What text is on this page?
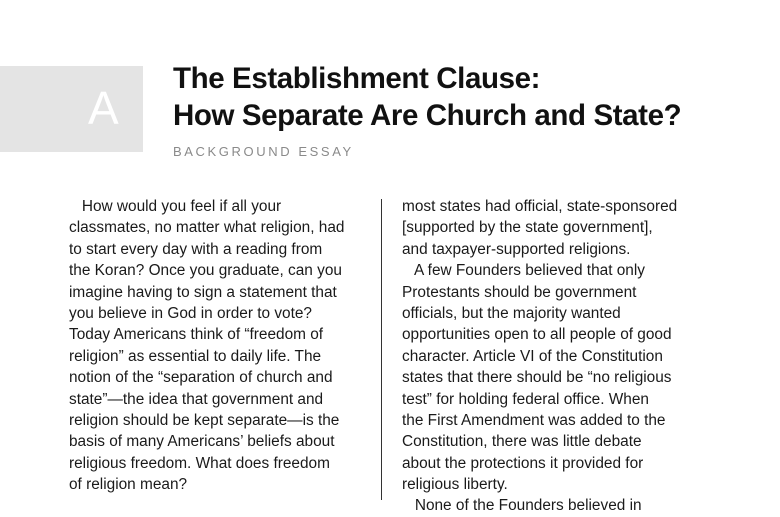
A
The Establishment Clause:
How Separate Are Church and State?
BACKGROUND ESSAY
How would you feel if all your
classmates, no matter what religion, had
to start every day with a reading from
the Koran? Once you graduate, can you
imagine having to sign a statement that
you believe in God in order to vote?
Today Americans think of “freedom of
religion” as essential to daily life. The
notion of the “separation of church and
state”—the idea that government and
religion should be kept separate—is the
basis of many Americans’ beliefs about
religious freedom. What does freedom
of religion mean?
most states had official, state-sponsored
[supported by the state government],
and taxpayer-supported religions.
A few Founders believed that only
Protestants should be government
officials, but the majority wanted
opportunities open to all people of good
character. Article VI of the Constitution
states that there should be “no religious
test” for holding federal office. When
the First Amendment was added to the
Constitution, there was little debate
about the protections it provided for
religious liberty.
None of the Founders believed in
